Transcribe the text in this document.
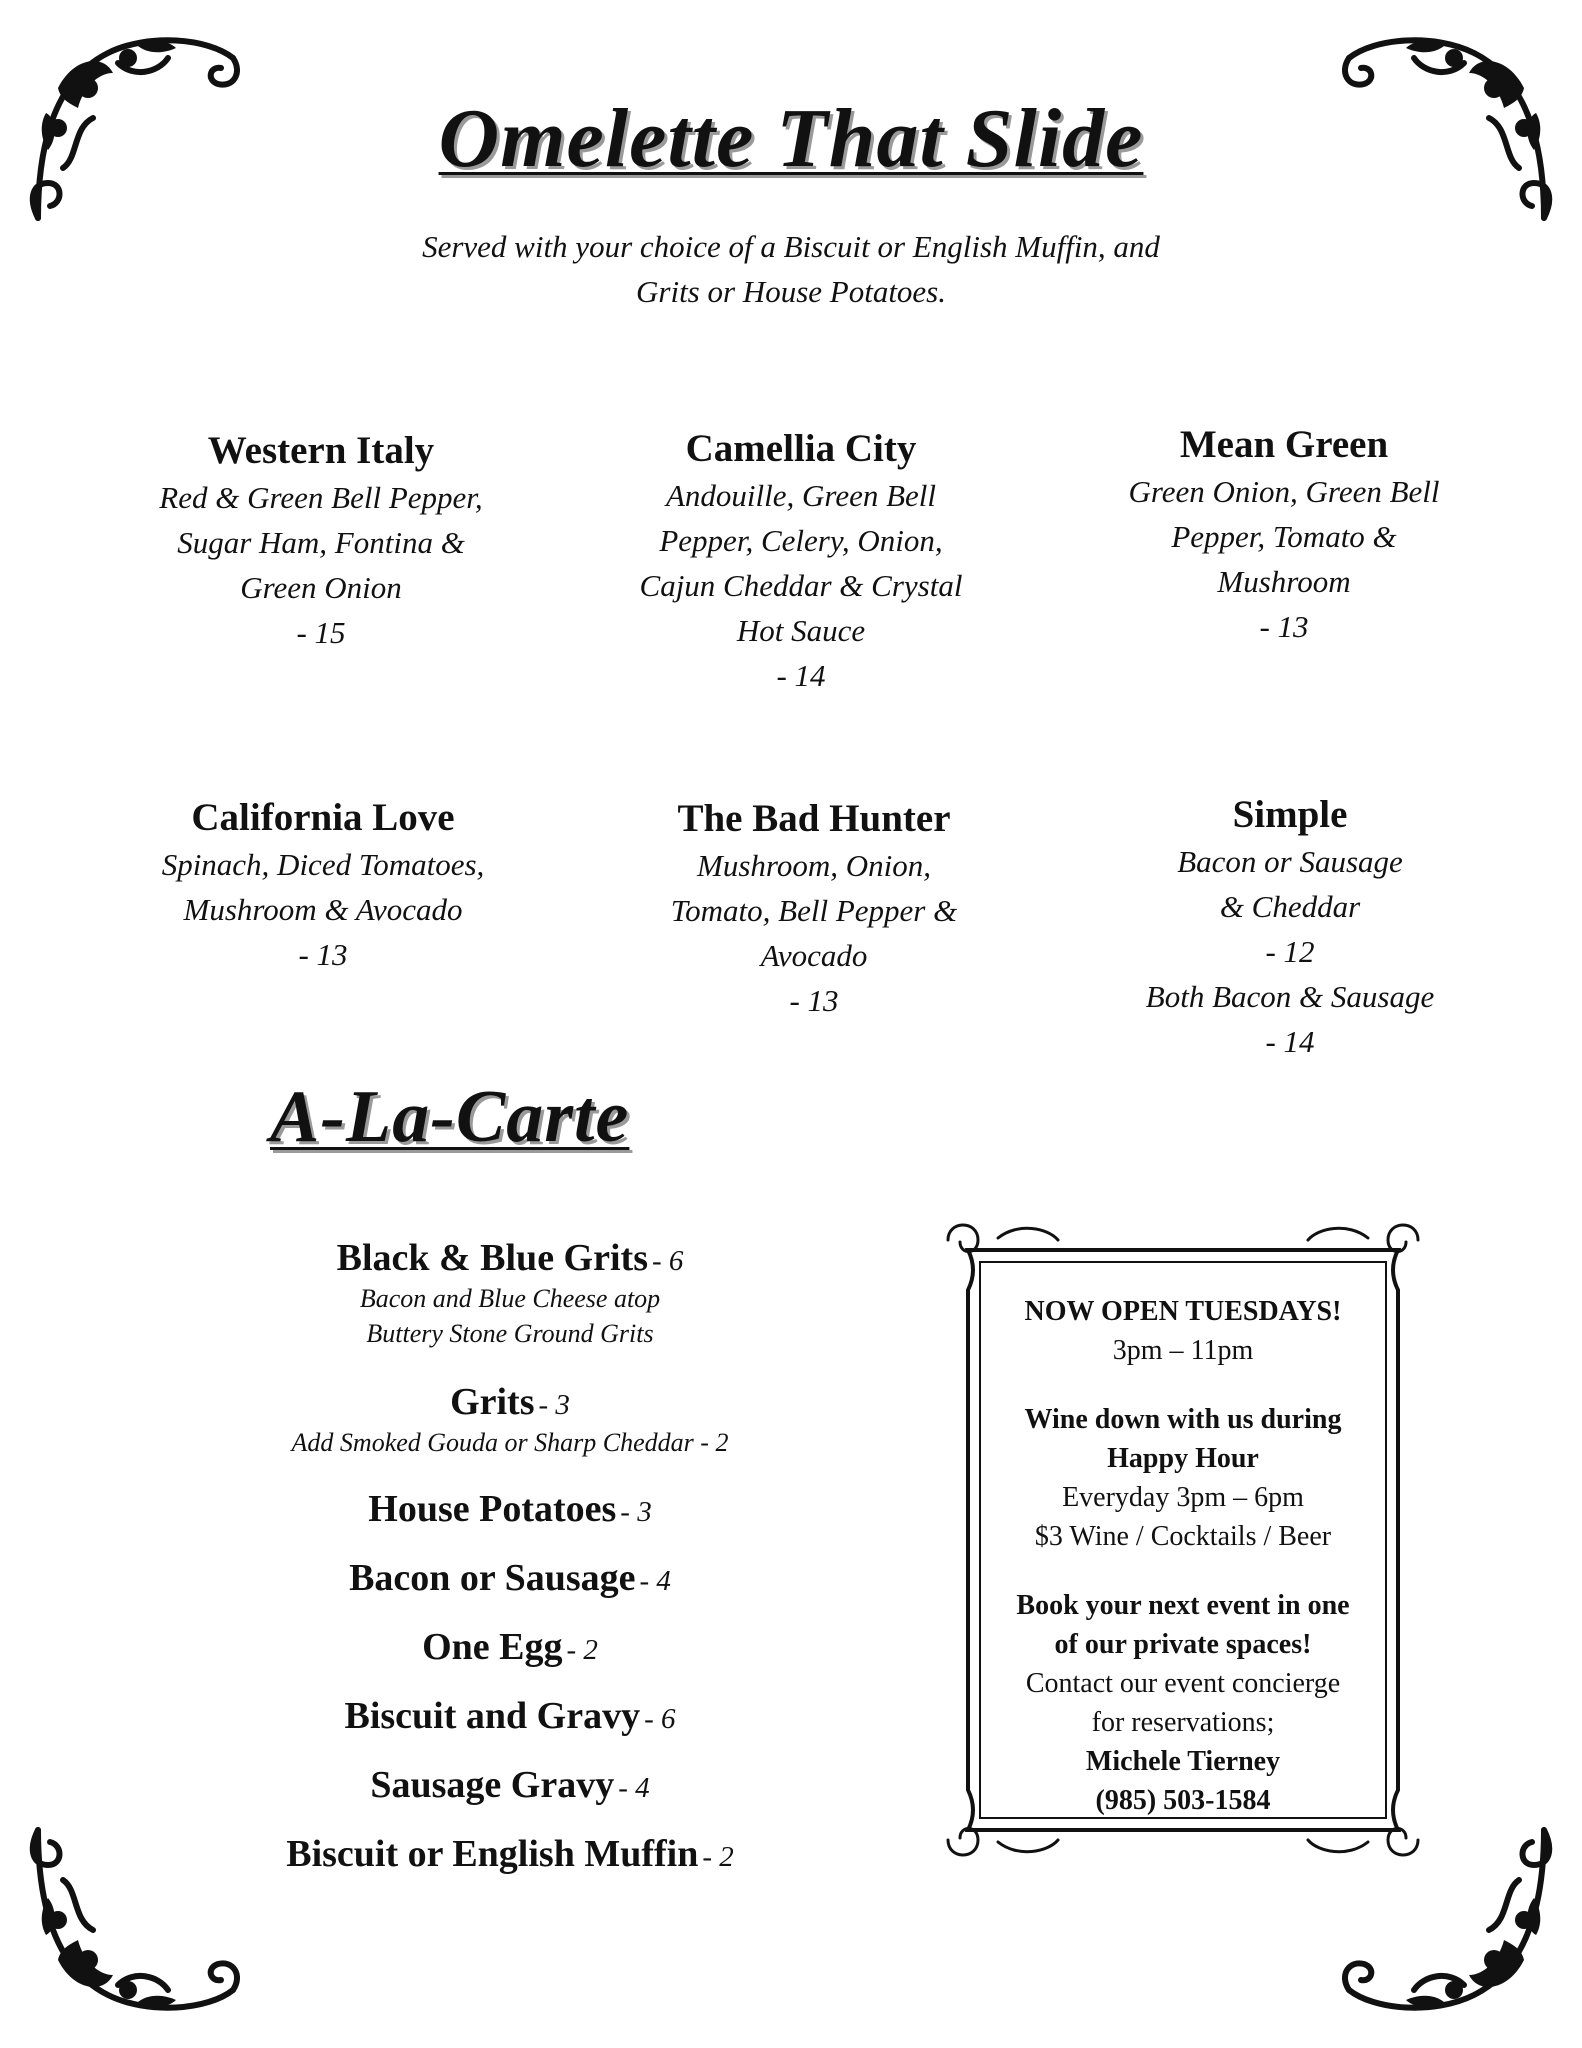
Omelette That Slide

Served with your choice of a Biscuit or English Muffin, and
Grits or House Potatoes.

Western Italy
Red & Green Bell Pepper,
Sugar Ham, Fontina &
Green Onion
- 15
Camellia City
Andouille, Green Bell
Pepper, Celery, Onion,
Cajun Cheddar & Crystal
Hot Sauce
- 14
Mean Green
Green Onion, Green Bell
Pepper, Tomato &
Mushroom
- 13
California Love
Spinach, Diced Tomatoes,
Mushroom & Avocado
- 13
The Bad Hunter
Mushroom, Onion,
Tomato, Bell Pepper &
Avocado
- 13
Simple
Bacon or Sausage
& Cheddar
- 12
Both Bacon & Sausage
- 14
A-La-Carte
Black & Blue Grits - 6
Bacon and Blue Cheese atop
Buttery Stone Ground Grits
Grits - 3
Add Smoked Gouda or Sharp Cheddar - 2
House Potatoes - 3
Bacon or Sausage - 4
One Egg - 2
Biscuit and Gravy - 6
Sausage Gravy - 4
Biscuit or English Muffin - 2
NOW OPEN TUESDAYS!
3pm – 11pm
Wine down with us during
Happy Hour
Everyday 3pm – 6pm
$3 Wine / Cocktails / Beer
Book your next event in one
of our private spaces!
Contact our event concierge
for reservations;
Michele Tierney
(985) 503-1584
